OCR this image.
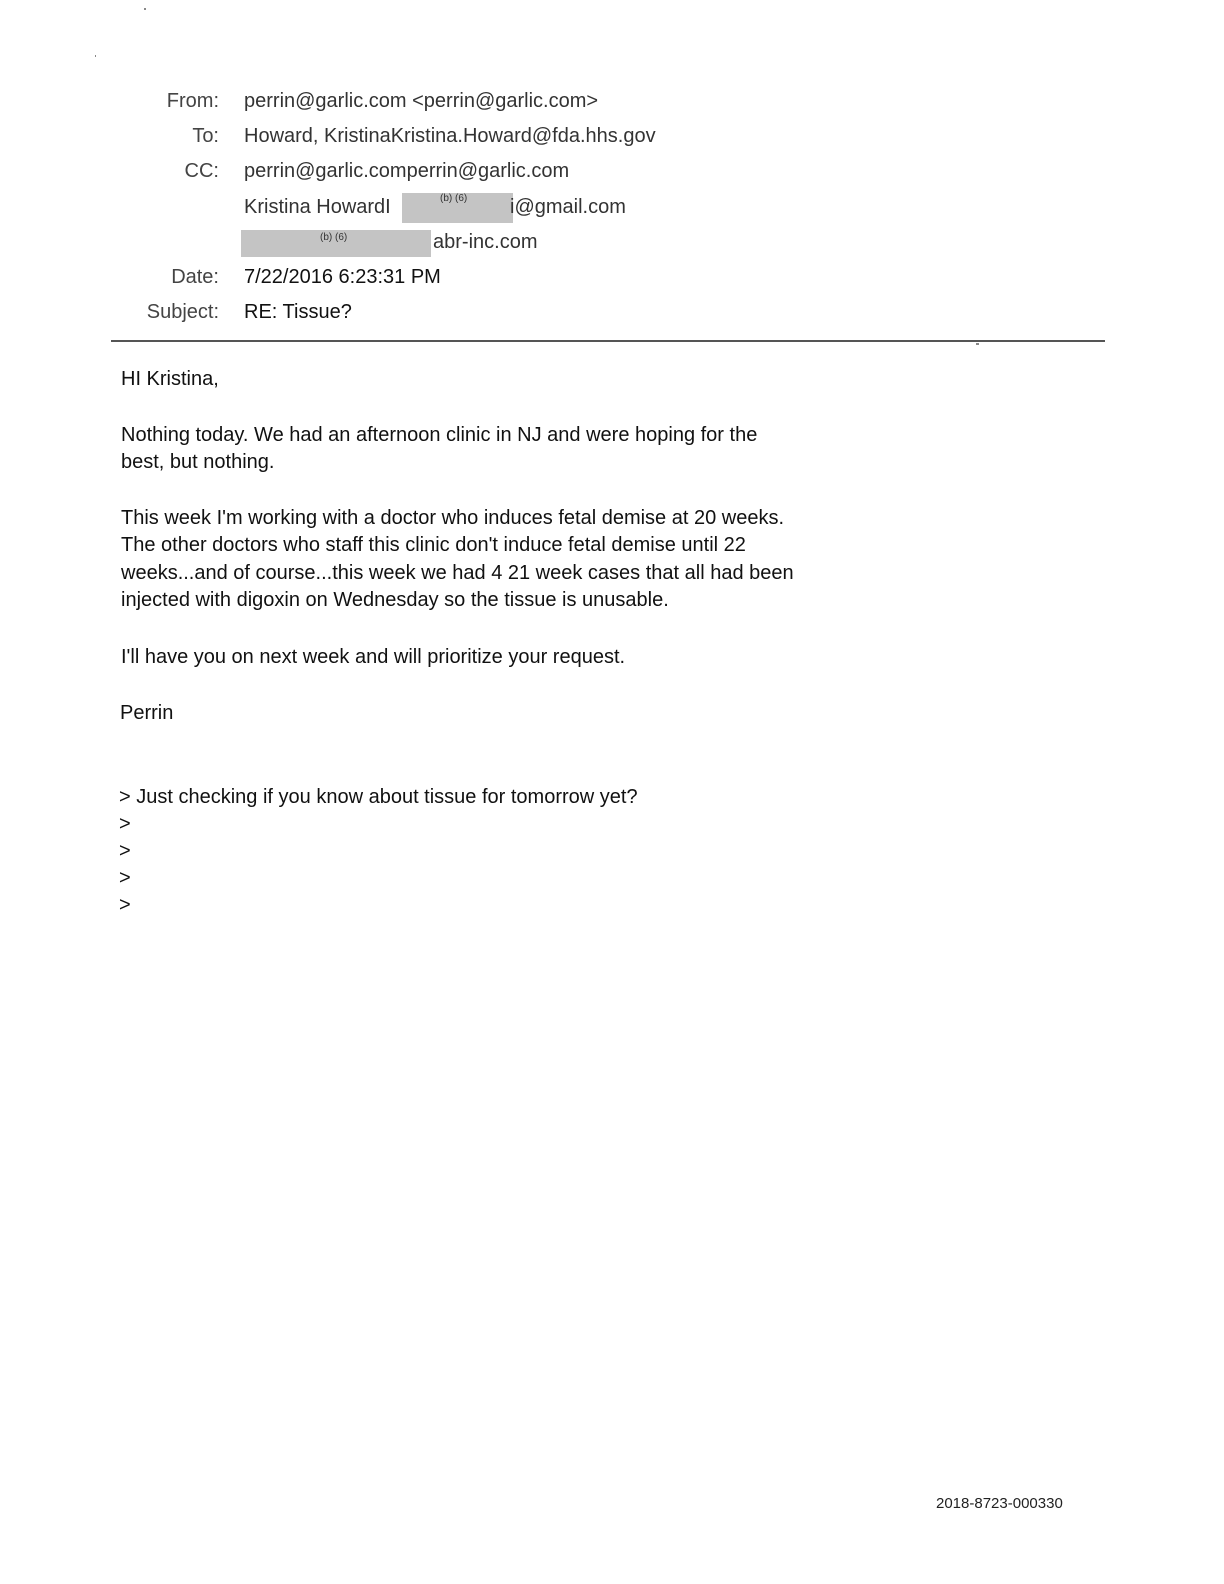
From: perrin@garlic.com <perrin@garlic.com>
To: Howard, KristinaKristina.Howard@fda.hhs.gov
CC: perrin@garlic.comperrin@garlic.com
Kristina HowardI	(b) (6) i@gmail.com
(b) (6)	abr-inc.com
Date: 7/22/2016 6:23:31 PM
Subject: RE: Tissue?
HI Kristina,
Nothing today. We had an afternoon clinic in NJ and were hoping for the
best, but nothing.
This week I'm working with a doctor who induces fetal demise at 20 weeks.
The other doctors who staff this clinic don't induce fetal demise until 22
weeks...and of course...this week we had 4 21 week cases that all had been
injected with digoxin on Wednesday so the tissue is unusable.
I'll have you on next week and will prioritize your request.
Perrin
> Just checking if you know about tissue for tomorrow yet?
>
>
>
>
2018-8723-000330
